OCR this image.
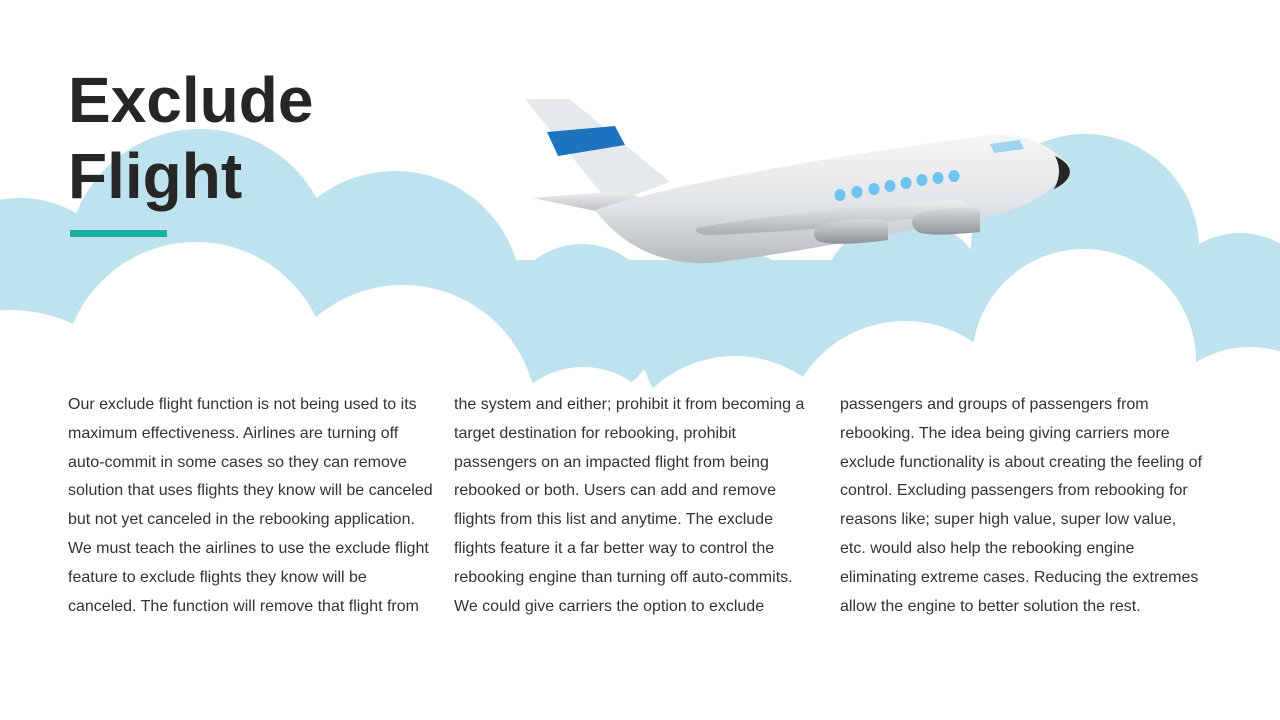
Exclude
Flight

Our exclude flight function is not being used to its
maximum effectiveness. Airlines are turning off
auto-commit in some cases so they can remove
solution that uses flights they know will be canceled
but not yet canceled in the rebooking application.
We must teach the airlines to use the exclude flight
feature to exclude flights they know will be
canceled. The function will remove that flight from

the system and either; prohibit it from becoming a
target destination for rebooking, prohibit
passengers on an impacted flight from being
rebooked or both. Users can add and remove
flights from this list and anytime. The exclude
flights feature it a far better way to control the
rebooking engine than turning off auto-commits.
We could give carriers the option to exclude

passengers and groups of passengers from
rebooking. The idea being giving carriers more
exclude functionality is about creating the feeling of
control. Excluding passengers from rebooking for
reasons like; super high value, super low value,
etc. would also help the rebooking engine
eliminating extreme cases. Reducing the extremes
allow the engine to better solution the rest.
